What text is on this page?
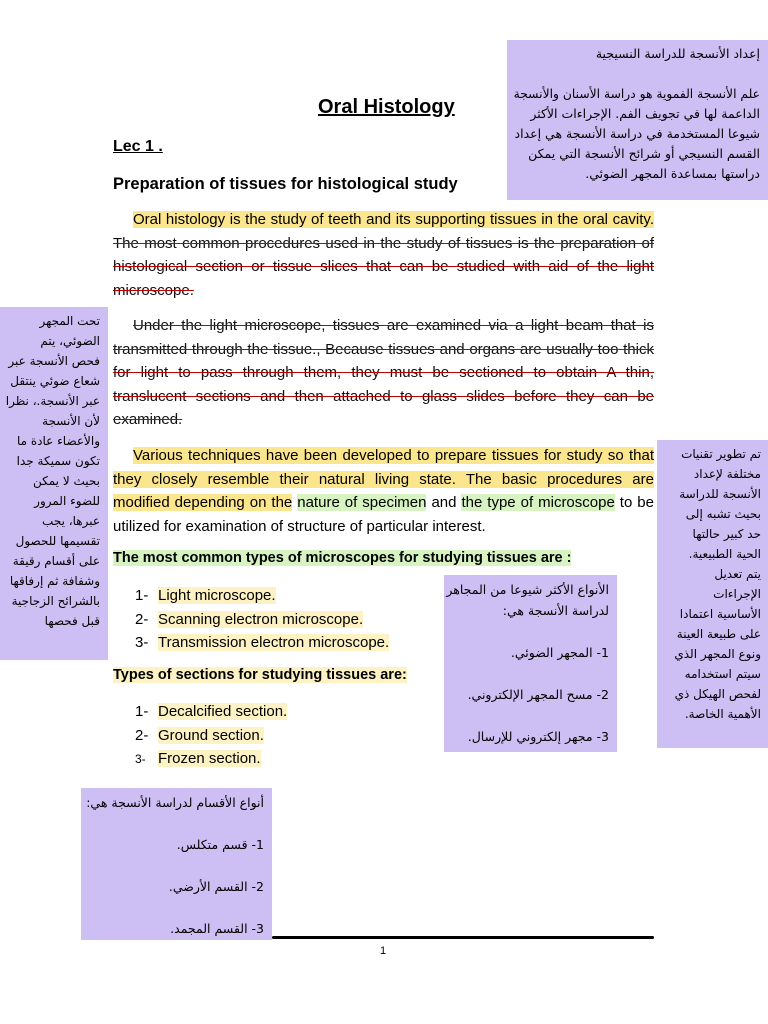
إعداد الأنسجة للدراسة النسيجية
علم الأنسجة الفموية هو دراسة الأسنان والأنسجة
الداعمة لها في تجويف الفم. الإجراءات الأكثر
شيوعا المستخدمة في دراسة الأنسجة هي إعداد
القسم النسيجي أو شرائح الأنسجة التي يمكن
دراستها بمساعدة المجهر الضوئي.
Oral Histology
Lec 1 .
Preparation of tissues for histological study
Oral histology is the study of teeth and its supporting tissues in the oral cavity. The most common procedures used in the study of tissues is the preparation of histological section or tissue slices that can be studied with aid of the light microscope.
تحت المجهر
الضوئي، يتم
فحص الأنسجة عبر
شعاع ضوئي ينتقل
عبر الأنسجة.، نظرا
لأن الأنسجة
والأعضاء عادة ما
تكون سميكة جدا
بحيث لا يمكن
للضوء المرور
عبرها، يجب
تقسيمها للحصول
على أقسام رقيقة
وشفافة ثم إرفاقها
بالشرائح الزجاجية
قبل فحصها
Under the light microscope, tissues are examined via a light beam that is transmitted through the tissue., Because tissues and organs are usually too thick for light to pass through them, they must be sectioned to obtain A thin, translucent sections and then attached to glass slides before they can be examined.
Various techniques have been developed to prepare tissues for study so that they closely resemble their natural living state. The basic procedures are modified depending on the nature of specimen and the type of microscope to be utilized for examination of structure of particular interest.
تم تطوير تقنيات
مختلفة لإعداد
الأنسجة للدراسة
بحيث تشبه إلى
حد كبير حالتها
الحية الطبيعية.
يتم تعديل
الإجراءات
الأساسية اعتمادا
على طبيعة العينة
ونوع المجهر الذي
سيتم استخدامه
لفحص الهيكل ذي
الأهمية الخاصة.
The most common types of microscopes for studying tissues are :
1- Light microscope.
2- Scanning electron microscope.
3- Transmission electron microscope.
الأنواع الأكثر شيوعا من المجاهر
لدراسة الأنسجة هي:
1- المجهر الضوئي.
2- مسح المجهر الإلكتروني.
3- مجهر إلكتروني للإرسال.
Types of sections for studying tissues are:
1- Decalcified section.
2- Ground section.
3- Frozen section.
أنواع الأقسام لدراسة الأنسجة هي:
1- قسم متكلس.
2- القسم الأرضي.
3- القسم المجمد.
1
